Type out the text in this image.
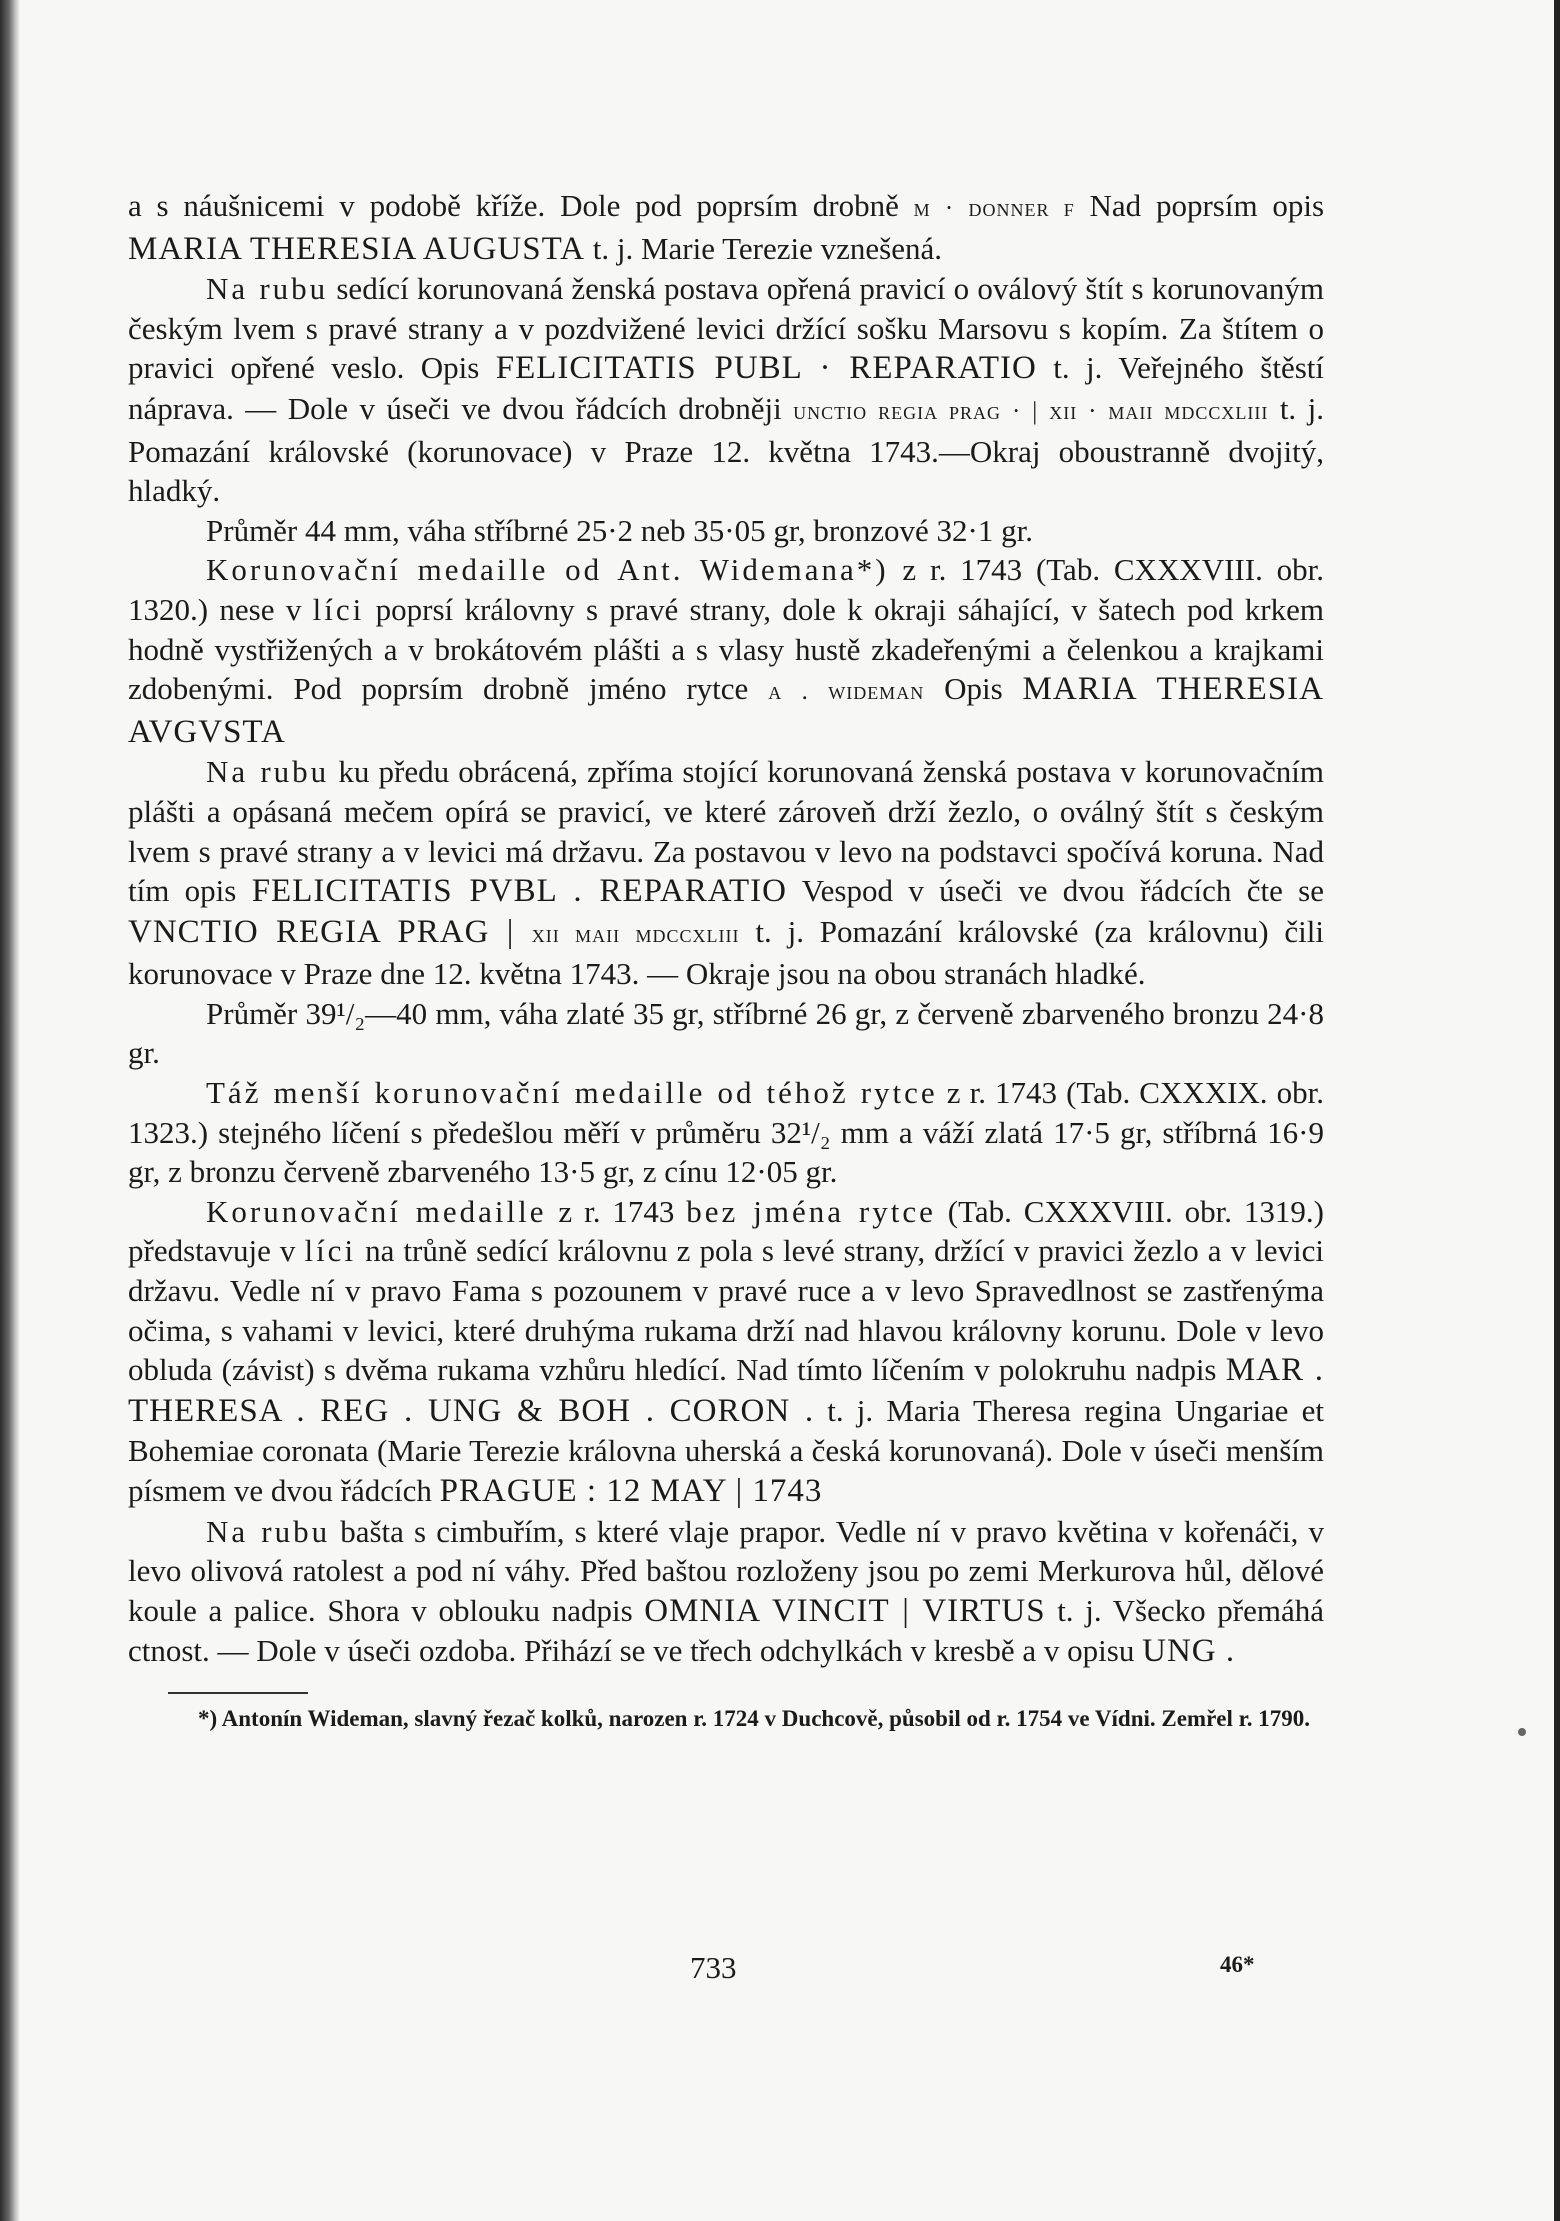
a s náušnicemi v podobě kříže. Dole pod poprsím drobně m · donner f Nad poprsím opis MARIA THERESIA AUGUSTA t. j. Marie Terezie vznešená.

Na rubu sedící korunovaná ženská postava opřená pravicí o oválový štít s korunovaným českým lvem s pravé strany a v pozdvižené levici držící sošku Marsovu s kopím. Za štítem o pravici opřené veslo. Opis FELICITATIS PUBL · REPARATIO t. j. Veřejného štěstí náprava. — Dole v úseči ve dvou řádcích drobněji unctio regia prag · | xii · maii mdccxliii t. j. Pomazání královské (korunovace) v Praze 12. května 1743.—Okraj oboustranně dvojitý, hladký.

Průměr 44 mm, váha stříbrné 25·2 neb 35·05 gr, bronzové 32·1 gr.

Korunovační medaille od Ant. Widemana*) z r. 1743 (Tab. CXXXVIII. obr. 1320.) nese v líci poprsí královny s pravé strany, dole k okraji sáhající, v šatech pod krkem hodně vystřižených a v brokátovém plášti a s vlasy hustě zkadeřenými a čelenkou a krajkami zdobenými. Pod poprsím drobně jméno rytce a . wideman Opis MARIA THERESIA AVGVSTA

Na rubu ku předu obrácená, zpříma stojící korunovaná ženská postava v korunovačním plášti a opásaná mečem opírá se pravicí, ve které zároveň drží žezlo, o oválný štít s českým lvem s pravé strany a v levici má državu. Za postavou v levo na podstavci spočívá koruna. Nad tím opis FELICITATIS PVBL . REPARATIO Vespod v úseči ve dvou řádcích čte se VNCTIO REGIA PRAG | xii maii mdccxliii t. j. Pomazání královské (za královnu) čili korunovace v Praze dne 12. května 1743. — Okraje jsou na obou stranách hladké.

Průměr 39¹/₂—40 mm, váha zlaté 35 gr, stříbrné 26 gr, z červeně zbarveného bronzu 24·8 gr.

Táž menší korunovační medaille od téhož rytce z r. 1743 (Tab. CXXXIX. obr. 1323.) stejného líčení s předešlou měří v průměru 32¹/₂ mm a váží zlatá 17·5 gr, stříbrná 16·9 gr, z bronzu červeně zbarveného 13·5 gr, z cínu 12·05 gr.

Korunovační medaille z r. 1743 bez jména rytce (Tab. CXXXVIII. obr. 1319.) představuje v líci na trůně sedící královnu z pola s levé strany, držící v pravici žezlo a v levici državu. Vedle ní v pravo Fama s pozounem v pravé ruce a v levo Spravedlnost se zastřenýma očima, s vahami v levici, které druhýma rukama drží nad hlavou královny korunu. Dole v levo obluda (závist) s dvěma rukama vzhůru hledící. Nad tímto líčením v polokruhu nadpis MAR . THERESA . REG . UNG & BOH . CORON . t. j. Maria Theresa regina Ungariae et Bohemiae coronata (Marie Terezie královna uherská a česká korunovaná). Dole v úseči menším písmem ve dvou řádcích PRAGUE : 12 MAY | 1743

Na rubu bašta s cimbuřím, s které vlaje prapor. Vedle ní v pravo květina v kořenáči, v levo olivová ratolest a pod ní váhy. Před baštou rozloženy jsou po zemi Merkurova hůl, dělové koule a palice. Shora v oblouku nadpis OMNIA VINCIT | VIRTUS t. j. Všecko přemáhá ctnost. — Dole v úseči ozdoba. Přihází se ve třech odchylkách v kresbě a v opisu UNG .

*) Antonín Wideman, slavný řezač kolků, narozen r. 1724 v Duchcově, působil od r. 1754 ve Vídni. Zemřel r. 1790.

733	46*
